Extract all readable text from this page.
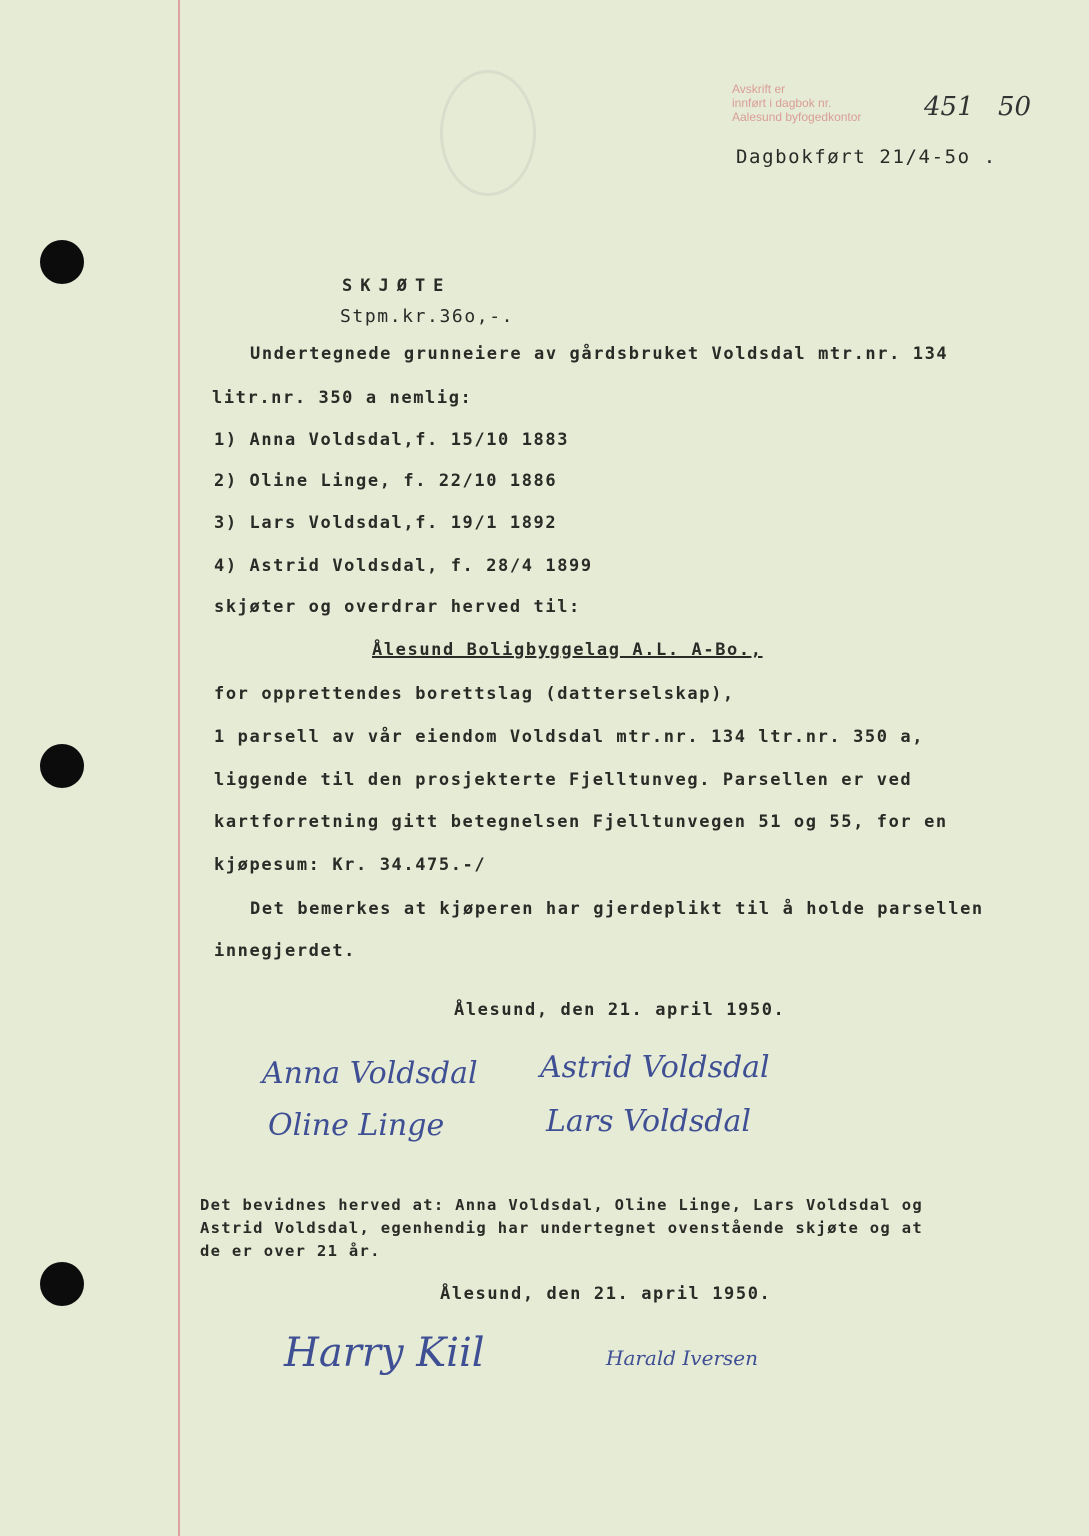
Avskrift er
innført i dagbok nr.
Aalesund byfogedkontor 451 50
Dagbokført 21/4-5o .
SKJØTE
Stpm.kr.36o,-.
Undertegnede grunneiere av gårdsbruket Voldsdal mtr.nr. 134
litr.nr. 350 a nemlig:
1) Anna Voldsdal,f. 15/10 1883
2) Oline Linge, f. 22/10 1886
3) Lars Voldsdal,f. 19/1 1892
4) Astrid Voldsdal, f. 28/4 1899
skjøter og overdrar herved til:
Ålesund Boligbyggelag A.L. A-Bo.,
for opprettendes borettslag (datterselskap),
1 parsell av vår eiendom Voldsdal mtr.nr. 134 ltr.nr. 350 a,
liggende til den prosjekterte Fjelltunveg. Parsellen er ved
kartforretning gitt betegnelsen Fjelltunvegen 51 og 55, for en
kjøpesum: Kr. 34.475.-/
Det bemerkes at kjøperen har gjerdeplikt til å holde parsellen
innegjerdet.
Ålesund, den 21. april 1950.
Anna Voldsdal Astrid Voldsdal
Oline Linge	Lars Voldsdal
Det bevidnes herved at: Anna Voldsdal, Oline Linge, Lars Voldsdal og
Astrid Voldsdal, egenhendig har undertegnet ovenstående skjøte og at
de er over 21 år.
Ålesund, den 21. april 1950.
Harry Kiil	Harald Iversen
